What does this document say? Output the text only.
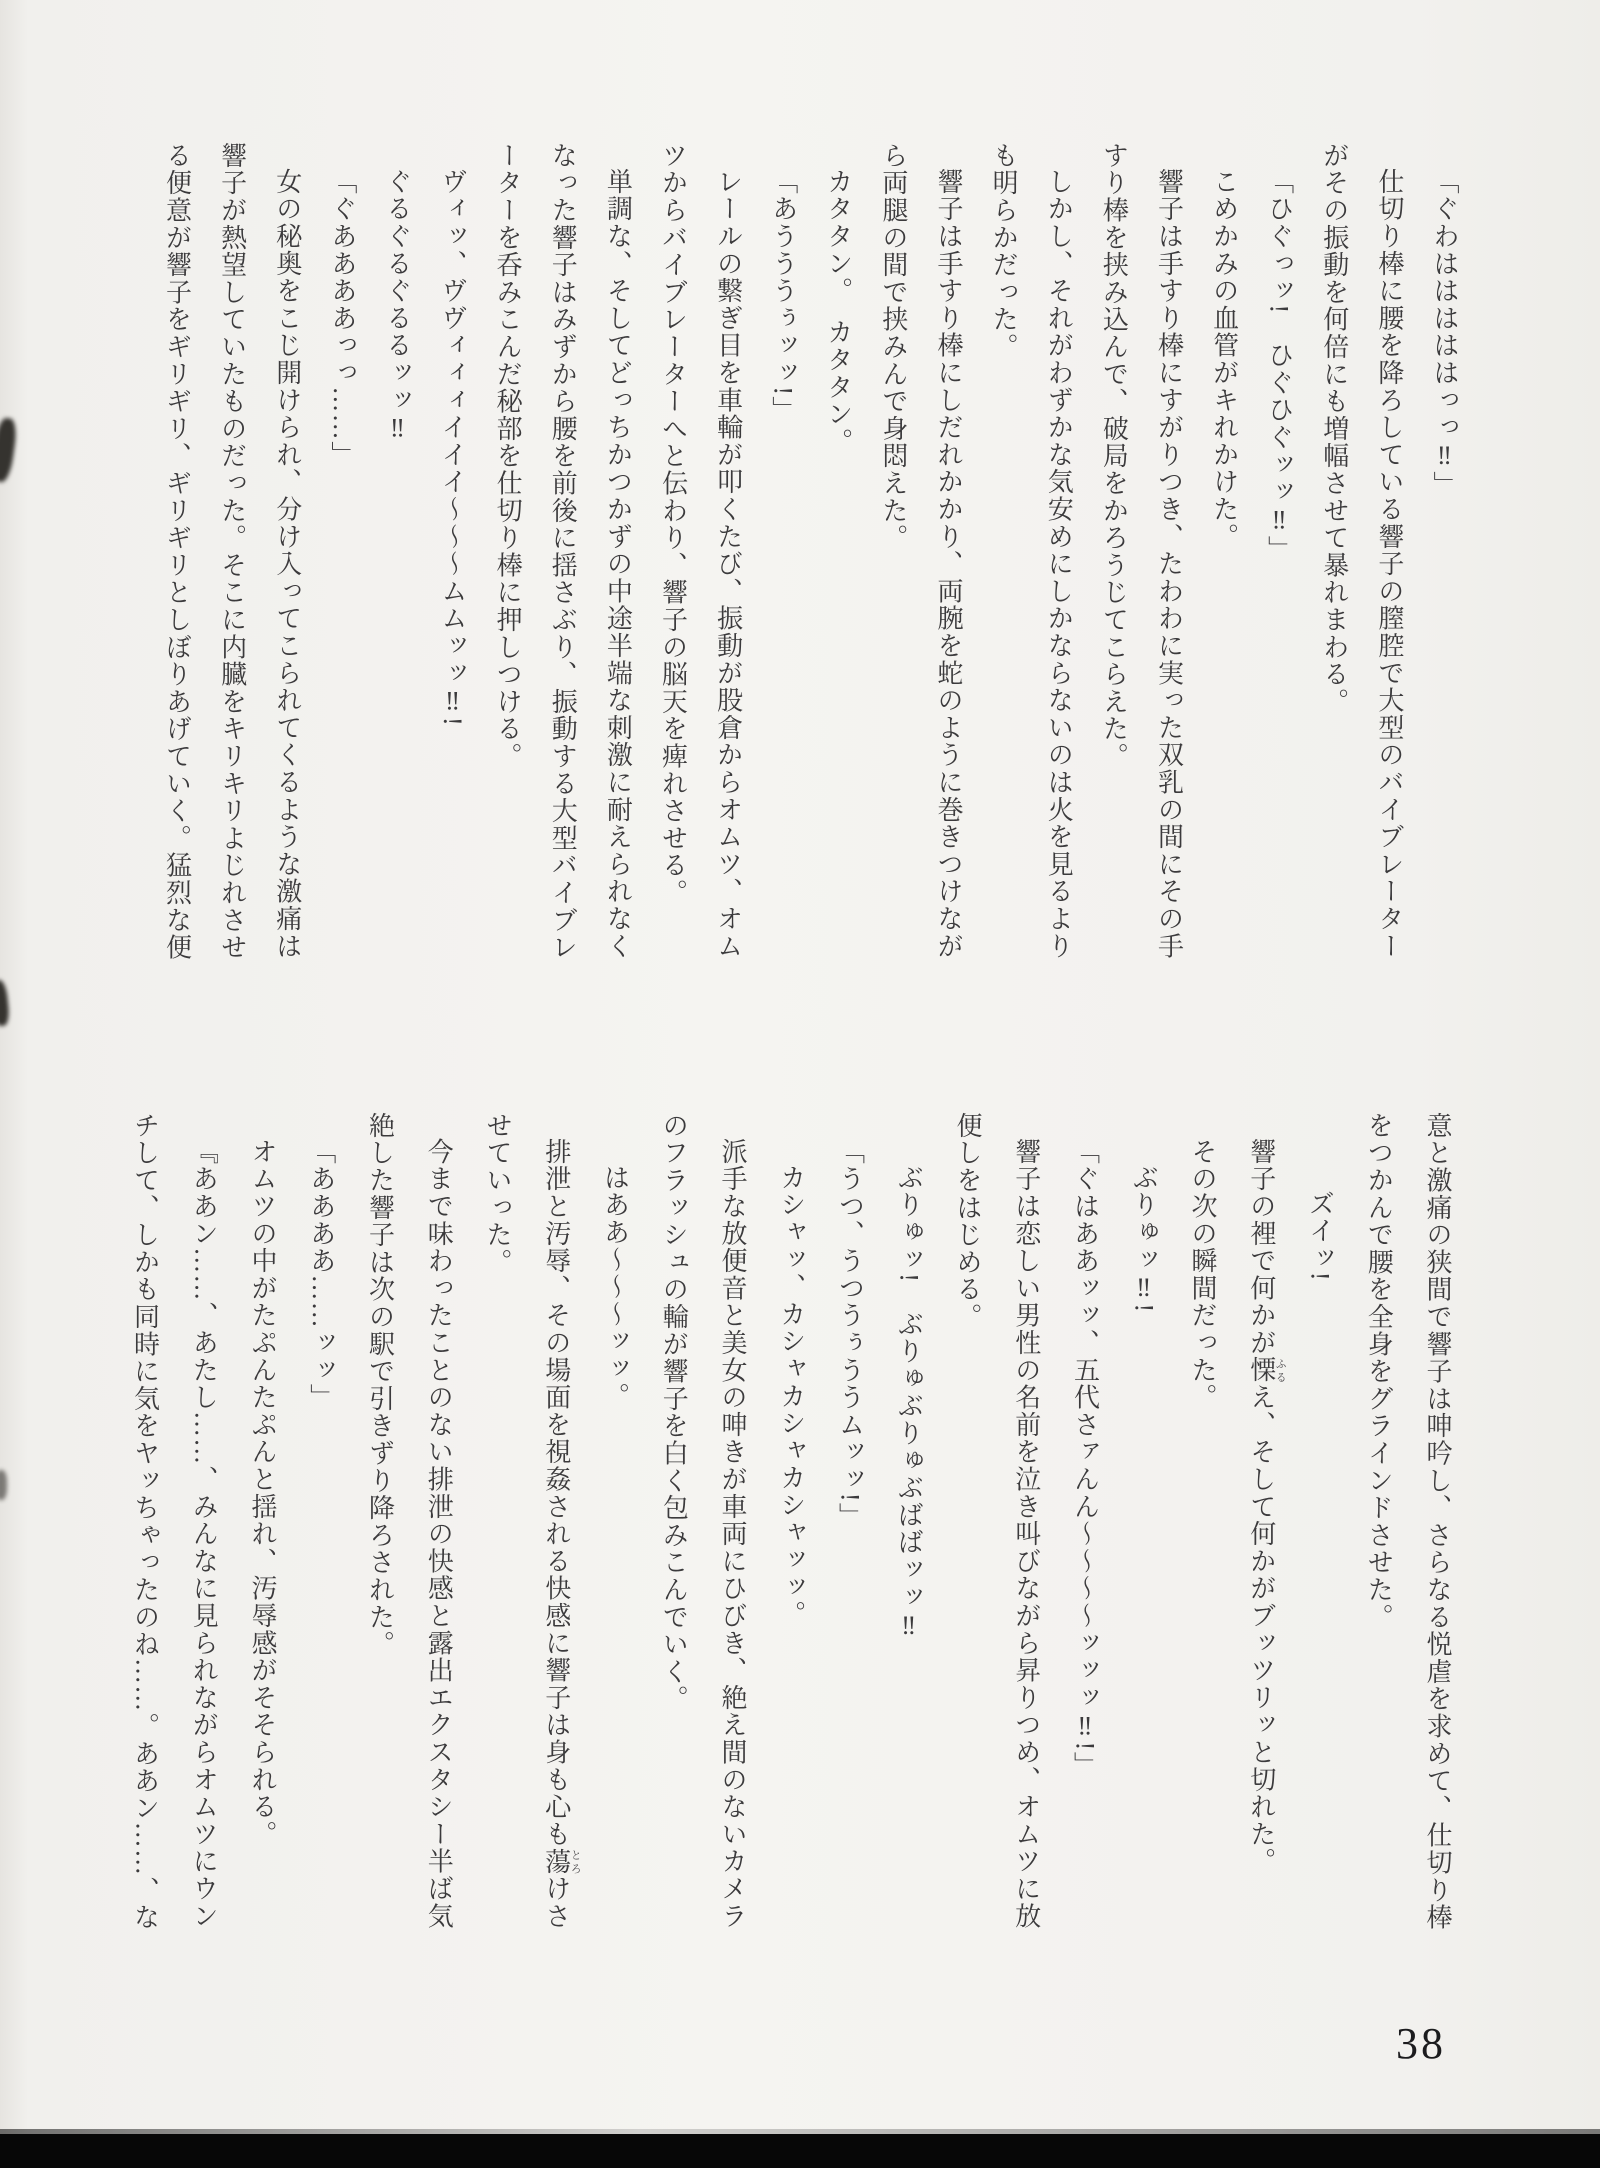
「ぐわはははははっっ‼」

仕切り棒に腰を降ろしている響子の膣腔で大型のバイブレーター

がその振動を何倍にも増幅させて暴れまわる。

「ひぐっッ!　ひぐひぐッッ‼」

こめかみの血管がキれかけた。

響子は手すり棒にすがりつき、たわわに実った双乳の間にその手

すり棒を挟み込んで、破局をかろうじてこらえた。

しかし、それがわずかな気安めにしかならないのは火を見るより

も明らかだった。

響子は手すり棒にしだれかかり、両腕を蛇のように巻きつけなが

ら両腿の間で挟みんで身悶えた。

カタタン。　カタタン。

「あうううぅッッ!」

レールの繋ぎ目を車輪が叩くたび、振動が股倉からオムツ、オム

ツからバイブレーターへと伝わり、響子の脳天を痺れさせる。

単調な、そしてどっちかつかずの中途半端な刺激に耐えられなく

なった響子はみずから腰を前後に揺さぶり、振動する大型バイブレ

ーターを呑みこんだ秘部を仕切り棒に押しつける。

ヴィッ、ヴヴィィィイイイ〜〜〜ムムッッ‼!

ぐるぐるぐるるッッ‼

「ぐああああっっ……」

女の秘奥をこじ開けられ、分け入ってこられてくるような激痛は

響子が熱望していたものだった。そこに内臓をキリキリよじれさせ

る便意が響子をギリギリ、ギリギリとしぼりあげていく。猛烈な便

意と激痛の狭間で響子は呻吟し、さらなる悦虐を求めて、仕切り棒

をつかんで腰を全身をグラインドさせた。

ズイッ!

響子の裡で何かが慄ふるえ、そして何かがブッツリッと切れた。

その次の瞬間だった。

ぶりゅッ‼!

「ぐはああッッ、五代さァんん〜〜〜〜ッッッ‼!」

響子は恋しい男性の名前を泣き叫びながら昇りつめ、オムツに放

便しをはじめる。

ぶりゅッ!　ぶりゅぶりゅぶばばッッ‼

「うつ、うつうぅううムッッ!」

カシャッ、カシャカシャカシャッッ。

派手な放便音と美女の呻きが車両にひびき、絶え間のないカメラ

のフラッシュの輪が響子を白く包みこんでいく。

はああ〜〜〜ッッ。

排泄と汚辱、その場面を視姦される快感に響子は身も心も蕩とろけさ

せていった。

今まで味わったことのない排泄の快感と露出エクスタシー半ば気

絶した響子は次の駅で引きずり降ろされた。

「ああああ……ッッ」

オムツの中がたぷんたぷんと揺れ、汚辱感がそそられる。

『ああン……、あたし……、みんなに見られながらオムツにウン

チして、しかも同時に気をヤッちゃったのね……。ああン……、な

38
